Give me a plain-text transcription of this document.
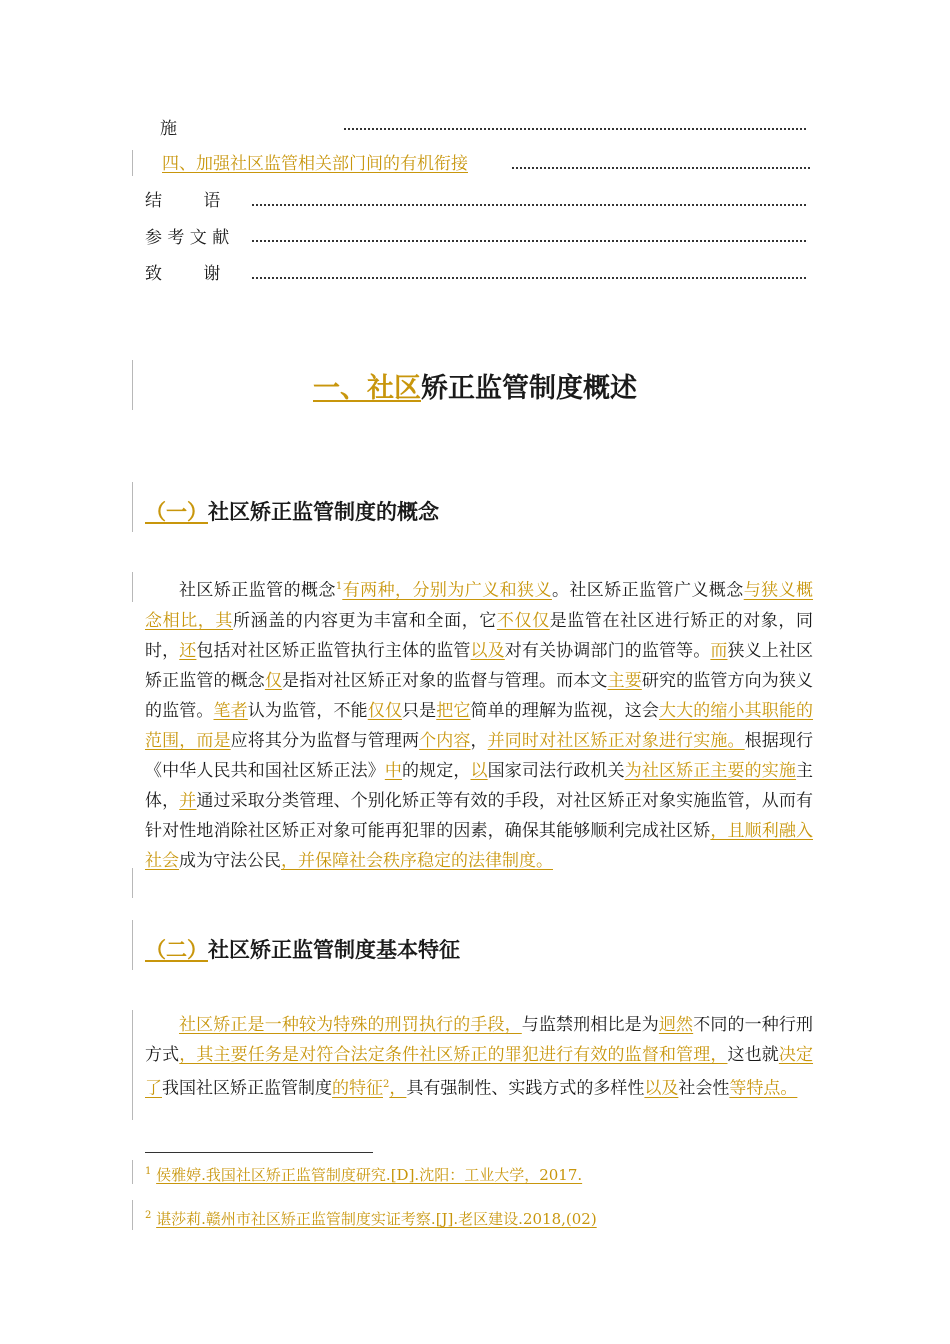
施
四、加强社区监管相关部门间的有机衔接
结 语
参 考 文 献
致 谢
一、社区矫正监管制度概述
（一）社区矫正监管制度的概念

社区矫正监管的概念$^1$有两种，分别为广义和狭义。社区矫正监管广义概念与狭义概念相比，其所涵盖的内容更为丰富和全面，它不仅仅是监管在社区进行矫正的对象，同时，还包括对社区矫正监管执行主体的监管以及对有关协调部门的监管等。而狭义上社区矫正监管的概念仅是指对社区矫正对象的监督与管理。而本文主要研究的监管方向为狭义的监管。笔者认为监管，不能仅仅只是把它简单的理解为监视，这会大大的缩小其职能的范围，而是应将其分为监督与管理两个内容，并同时对社区矫正对象进行实施。根据现行《中华人民共和国社区矫正法》中的规定，以国家司法行政机关为社区矫正主要的实施主体，并通过采取分类管理、个别化矫正等有效的手段，对社区矫正对象实施监管，从而有针对性地消除社区矫正对象可能再犯罪的因素，确保其能够顺利完成社区矫，且顺利融入社会成为守法公民，并保障社会秩序稳定的法律制度。

（二）社区矫正监管制度基本特征

社区矫正是一种较为特殊的刑罚执行的手段，与监禁刑相比是为迥然不同的一种行刑方式，其主要任务是对符合法定条件社区矫正的罪犯进行有效的监督和管理，这也就决定了我国社区矫正监管制度的特征$^2$，具有强制性、实践方式的多样性以及社会性等特点。

$^1$ 侯雅婷.我国社区矫正监管制度研究.[D].沈阳：工业大学，2017.
$^2$ 谌莎莉.赣州市社区矫正监管制度实证考察.[J].老区建设.2018,(02)
